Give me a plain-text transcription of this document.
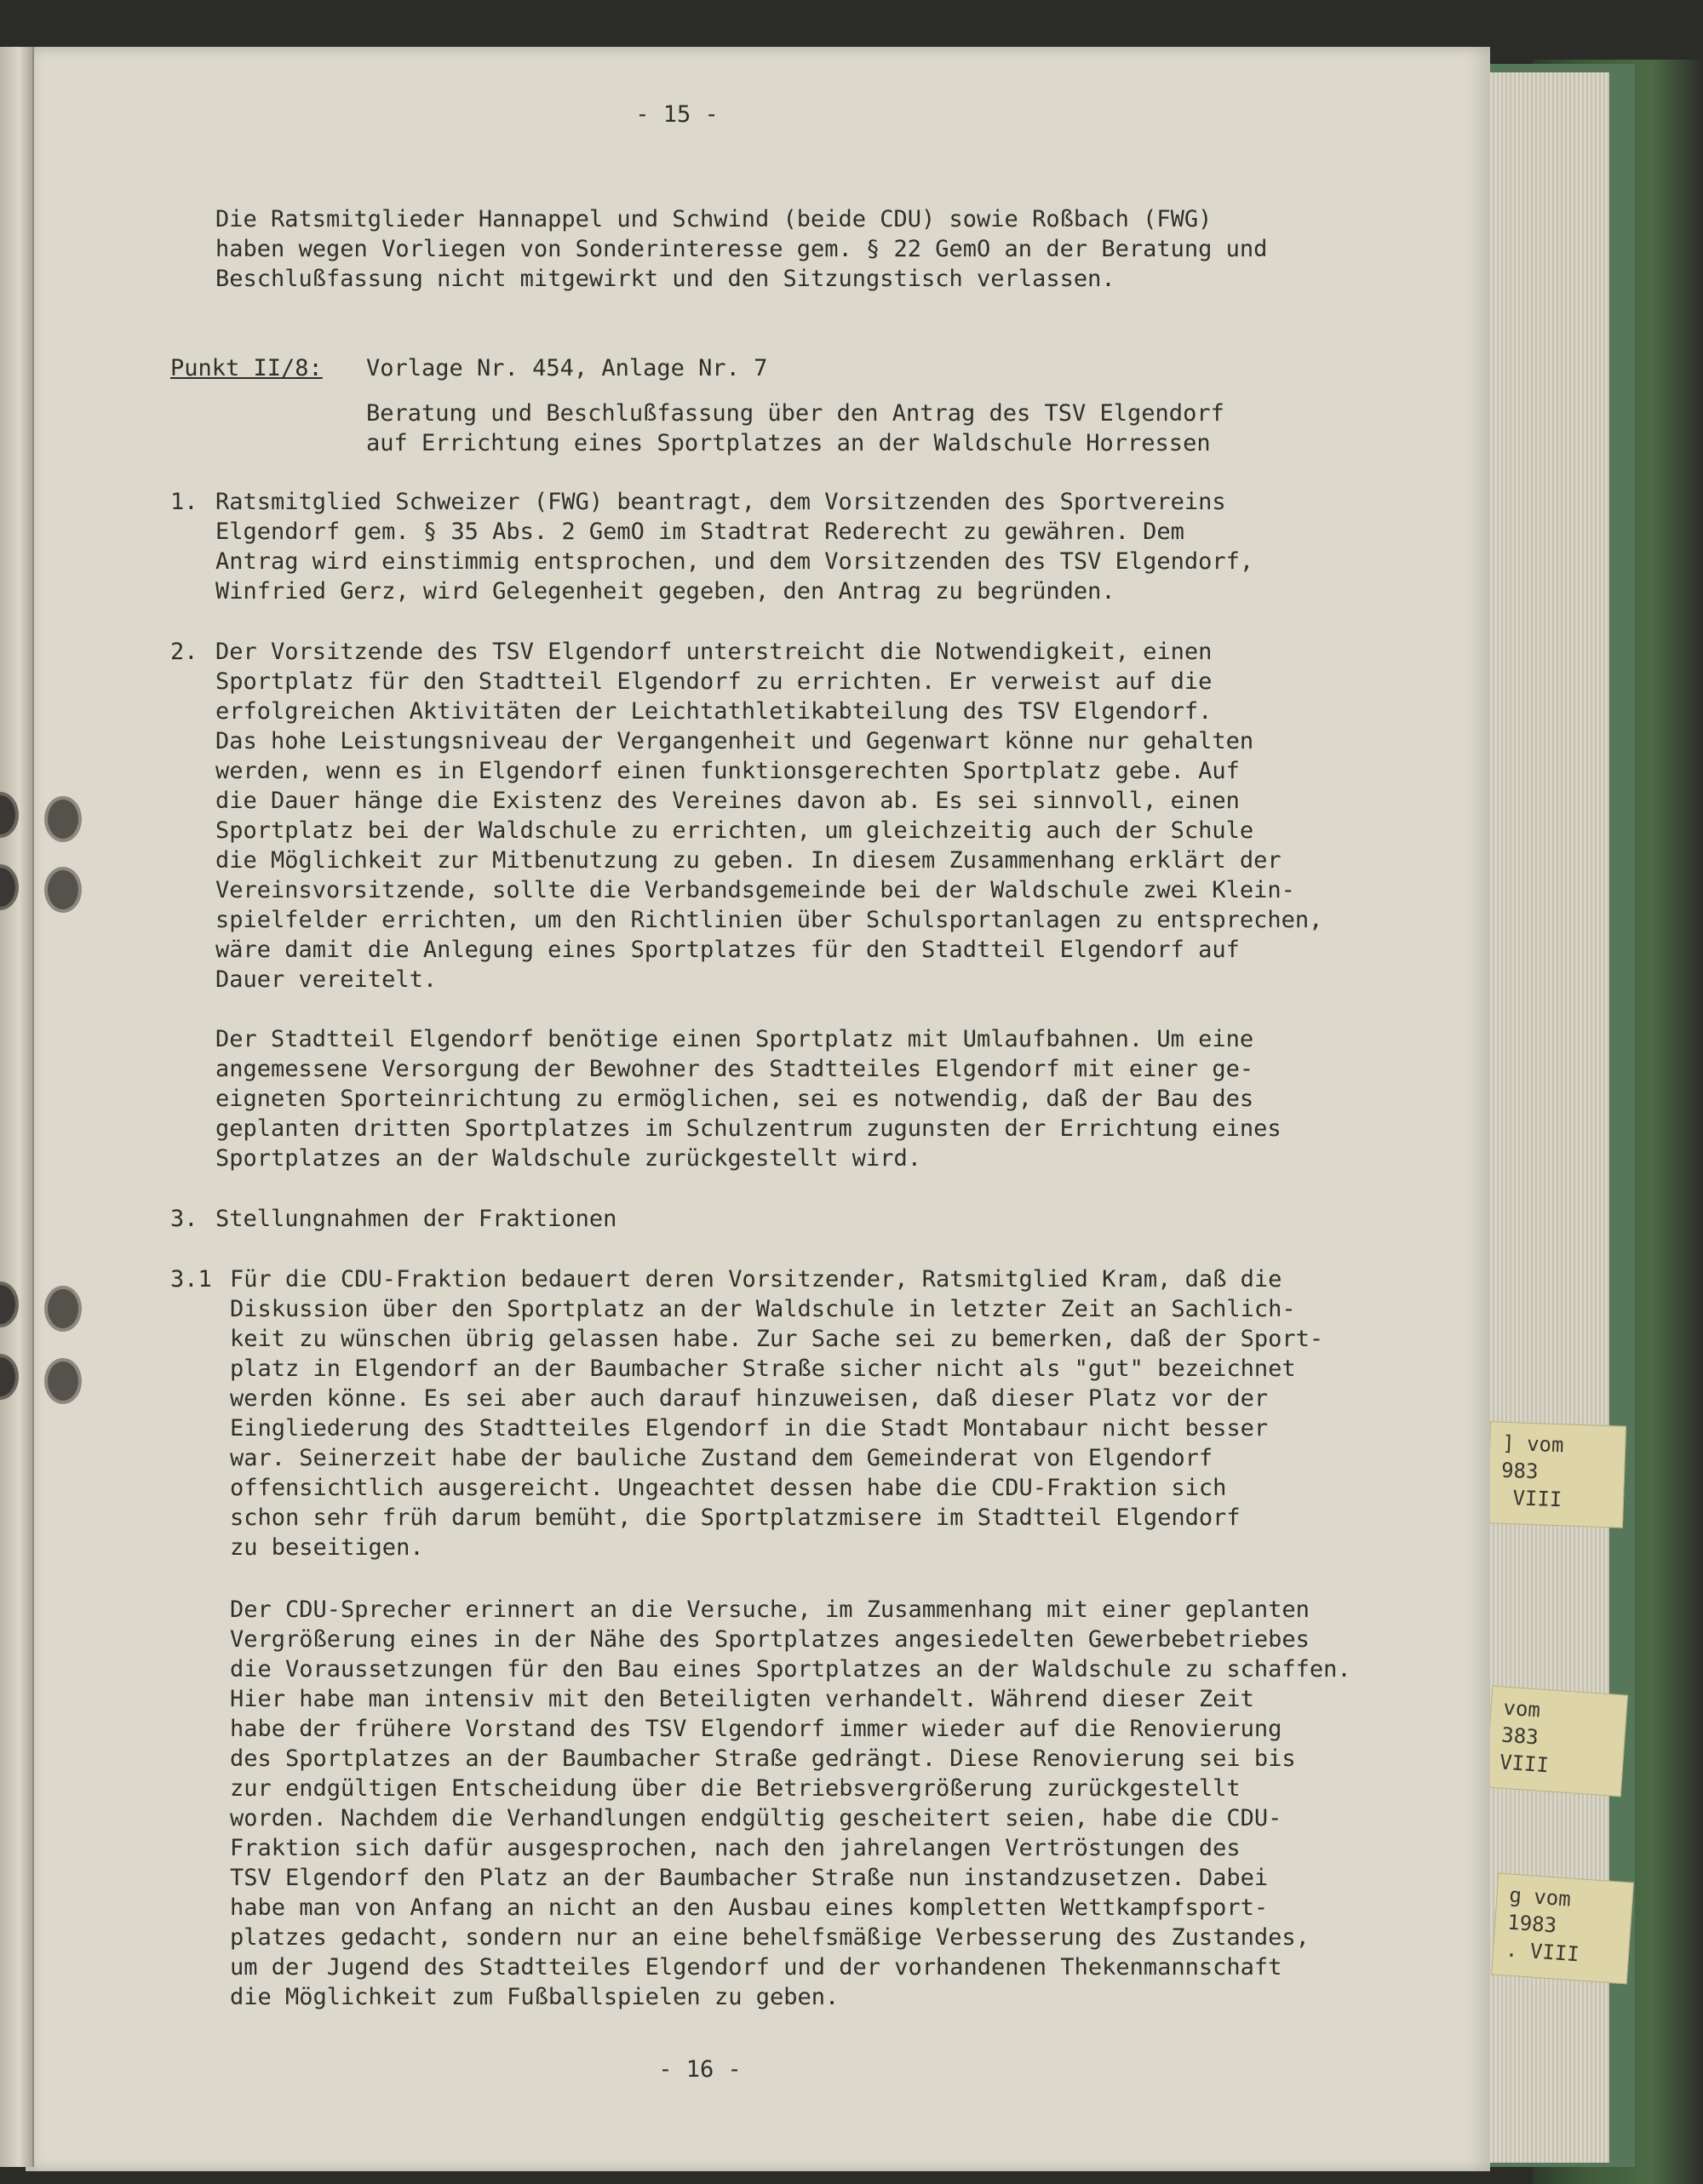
] vom
983
VIII
vom
383
VIII
g vom
1983
. VIII
- 15 -
Die Ratsmitglieder Hannappel und Schwind (beide CDU) sowie Roßbach (FWG)
haben wegen Vorliegen von Sonderinteresse gem. § 22 GemO an der Beratung und
Beschlußfassung nicht mitgewirkt und den Sitzungstisch verlassen.
Punkt II/8: Vorlage Nr. 454, Anlage Nr. 7
Beratung und Beschlußfassung über den Antrag des TSV Elgendorf
auf Errichtung eines Sportplatzes an der Waldschule Horressen
1. Ratsmitglied Schweizer (FWG) beantragt, dem Vorsitzenden des Sportvereins
Elgendorf gem. § 35 Abs. 2 GemO im Stadtrat Rederecht zu gewähren. Dem
Antrag wird einstimmig entsprochen, und dem Vorsitzenden des TSV Elgendorf,
Winfried Gerz, wird Gelegenheit gegeben, den Antrag zu begründen.
2. Der Vorsitzende des TSV Elgendorf unterstreicht die Notwendigkeit, einen
Sportplatz für den Stadtteil Elgendorf zu errichten. Er verweist auf die
erfolgreichen Aktivitäten der Leichtathletikabteilung des TSV Elgendorf.
Das hohe Leistungsniveau der Vergangenheit und Gegenwart könne nur gehalten
werden, wenn es in Elgendorf einen funktionsgerechten Sportplatz gebe. Auf
die Dauer hänge die Existenz des Vereines davon ab. Es sei sinnvoll, einen
Sportplatz bei der Waldschule zu errichten, um gleichzeitig auch der Schule
die Möglichkeit zur Mitbenutzung zu geben. In diesem Zusammenhang erklärt der
Vereinsvorsitzende, sollte die Verbandsgemeinde bei der Waldschule zwei Klein-
spielfelder errichten, um den Richtlinien über Schulsportanlagen zu entsprechen,
wäre damit die Anlegung eines Sportplatzes für den Stadtteil Elgendorf auf
Dauer vereitelt.
Der Stadtteil Elgendorf benötige einen Sportplatz mit Umlaufbahnen. Um eine
angemessene Versorgung der Bewohner des Stadtteiles Elgendorf mit einer ge-
eigneten Sporteinrichtung zu ermöglichen, sei es notwendig, daß der Bau des
geplanten dritten Sportplatzes im Schulzentrum zugunsten der Errichtung eines
Sportplatzes an der Waldschule zurückgestellt wird.
3. Stellungnahmen der Fraktionen
3.1 Für die CDU-Fraktion bedauert deren Vorsitzender, Ratsmitglied Kram, daß die
Diskussion über den Sportplatz an der Waldschule in letzter Zeit an Sachlich-
keit zu wünschen übrig gelassen habe. Zur Sache sei zu bemerken, daß der Sport-
platz in Elgendorf an der Baumbacher Straße sicher nicht als "gut" bezeichnet
werden könne. Es sei aber auch darauf hinzuweisen, daß dieser Platz vor der
Eingliederung des Stadtteiles Elgendorf in die Stadt Montabaur nicht besser
war. Seinerzeit habe der bauliche Zustand dem Gemeinderat von Elgendorf
offensichtlich ausgereicht. Ungeachtet dessen habe die CDU-Fraktion sich
schon sehr früh darum bemüht, die Sportplatzmisere im Stadtteil Elgendorf
zu beseitigen.
Der CDU-Sprecher erinnert an die Versuche, im Zusammenhang mit einer geplanten
Vergrößerung eines in der Nähe des Sportplatzes angesiedelten Gewerbebetriebes
die Voraussetzungen für den Bau eines Sportplatzes an der Waldschule zu schaffen.
Hier habe man intensiv mit den Beteiligten verhandelt. Während dieser Zeit
habe der frühere Vorstand des TSV Elgendorf immer wieder auf die Renovierung
des Sportplatzes an der Baumbacher Straße gedrängt. Diese Renovierung sei bis
zur endgültigen Entscheidung über die Betriebsvergrößerung zurückgestellt
worden. Nachdem die Verhandlungen endgültig gescheitert seien, habe die CDU-
Fraktion sich dafür ausgesprochen, nach den jahrelangen Vertröstungen des
TSV Elgendorf den Platz an der Baumbacher Straße nun instandzusetzen. Dabei
habe man von Anfang an nicht an den Ausbau eines kompletten Wettkampfsport-
platzes gedacht, sondern nur an eine behelfsmäßige Verbesserung des Zustandes,
um der Jugend des Stadtteiles Elgendorf und der vorhandenen Thekenmannschaft
die Möglichkeit zum Fußballspielen zu geben.
- 16 -
